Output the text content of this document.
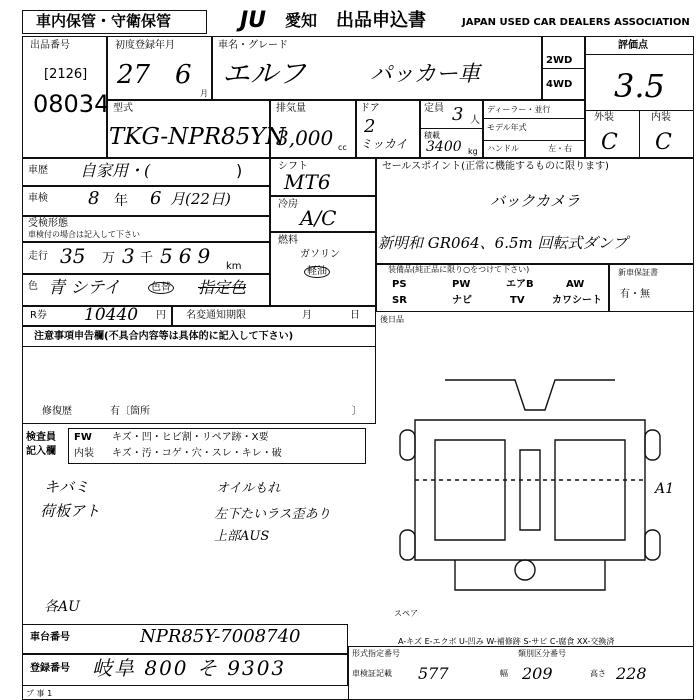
車内保管・守衛保管	JU 愛知 出品申込書	JAPAN USED CAR DEALERS ASSOCIATION
出品番号
[2126]
08034
初度登録年月
27 6
月
車名・グレード
エルフ	パッカー車
2WD
4WD
評価点
3.5
外装	内装
C C
型式
TKG-NPR85YN
排気量
3,000 cc
ドア
2
ミッカイ
定員 3 人
積載
3400 kg
ディーラー・並行
モデル年式
ハンドル	左・右
車歴 自家用・(	)
車検 8 年 6 月(22日)
受検形態
車検付の場合は記入して下さい
走行 35 万 3 千 569 km
色 青 シテイ	色替 指定色
シフト
MT6
冷房
A/C
燃料
ガソリン
軽油
セールスポイント(正常に機能するものに限ります)
バックカメラ
新明和 GR064、6.5m 回転式ダンプ
装備品(純正品に限り○をつけて下さい)
PS	PW	エアB	AW
SR	ナビ	TV	カワシート
新車保証書
有・無
R券 10440 円 名変通知期限	月	日
注意事項申告欄(不具合内容等は具体的に記入して下さい)
修復歴	有〔箇所	〕
後日品
検査員
記入欄
FW キズ・凹・ヒビ割・リペア跡・X要
内装 キズ・汚・コゲ・穴・スレ・キレ・破
キバミ
荷板アト
オイルもれ
左下たいラス歪あり
上部AUS
各AU
A1
スペア
A-キズ E-エクボ U-凹み W-補修跡 S-サビ C-腐食 XX-交換済
車台番号	NPR85Y-7008740
登録番号 岐阜 800 そ 9303
形式指定番号	類別区分番号
車検証記載 577	幅 209	高さ 228
プ 事 1
